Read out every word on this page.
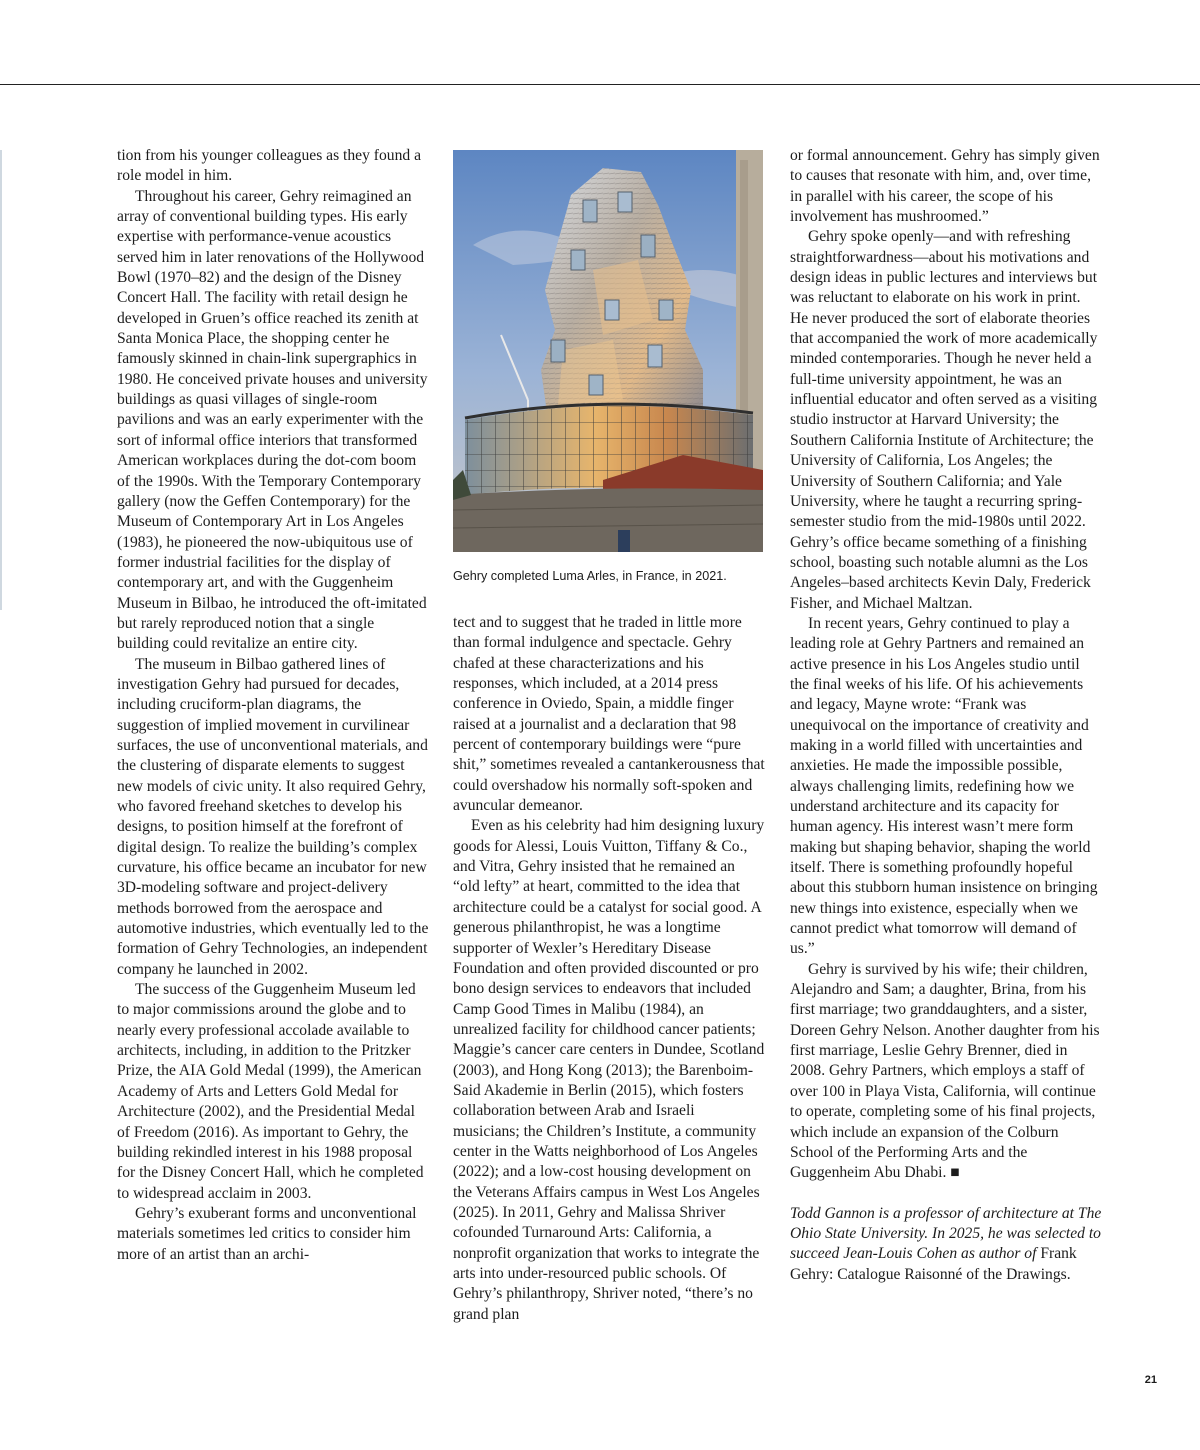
tion from his younger colleagues as they found a role model in him.

Throughout his career, Gehry reimagined an array of conventional building types. His early expertise with performance-venue acoustics served him in later renovations of the Hollywood Bowl (1970–82) and the design of the Disney Concert Hall. The facility with retail design he developed in Gruen’s office reached its zenith at Santa Monica Place, the shopping center he famously skinned in chain-link supergraphics in 1980. He conceived private houses and university buildings as quasi villages of single-room pavilions and was an early experimenter with the sort of informal office interiors that transformed American workplaces during the dot-com boom of the 1990s. With the Temporary Contemporary gallery (now the Geffen Contemporary) for the Museum of Contemporary Art in Los Angeles (1983), he pioneered the now-ubiquitous use of former industrial facilities for the display of contemporary art, and with the Guggenheim Museum in Bilbao, he introduced the oft-imitated but rarely reproduced notion that a single building could revitalize an entire city.

The museum in Bilbao gathered lines of investigation Gehry had pursued for decades, including cruciform-plan diagrams, the suggestion of implied movement in curvilinear surfaces, the use of unconventional materials, and the clustering of disparate elements to suggest new models of civic unity. It also required Gehry, who favored freehand sketches to develop his designs, to position himself at the forefront of digital design. To realize the building’s complex curvature, his office became an incubator for new 3D-modeling software and project-delivery methods borrowed from the aerospace and automotive industries, which eventually led to the formation of Gehry Technologies, an independent company he launched in 2002.

The success of the Guggenheim Museum led to major commissions around the globe and to nearly every professional accolade available to architects, including, in addition to the Pritzker Prize, the AIA Gold Medal (1999), the American Academy of Arts and Letters Gold Medal for Architecture (2002), and the Presidential Medal of Freedom (2016). As important to Gehry, the building rekindled interest in his 1988 proposal for the Disney Concert Hall, which he completed to widespread acclaim in 2003.

Gehry’s exuberant forms and unconventional materials sometimes led critics to consider him more of an artist than an archi-

Gehry completed Luma Arles, in France, in 2021.

tect and to suggest that he traded in little more than formal indulgence and spectacle. Gehry chafed at these characterizations and his responses, which included, at a 2014 press conference in Oviedo, Spain, a middle finger raised at a journalist and a declaration that 98 percent of contemporary buildings were “pure shit,” sometimes revealed a cantankerousness that could overshadow his normally soft-spoken and avuncular demeanor.

Even as his celebrity had him designing luxury goods for Alessi, Louis Vuitton, Tiffany & Co., and Vitra, Gehry insisted that he remained an “old lefty” at heart, committed to the idea that architecture could be a catalyst for social good. A generous philanthropist, he was a longtime supporter of Wexler’s Hereditary Disease Foundation and often provided discounted or pro bono design services to endeavors that included Camp Good Times in Malibu (1984), an unrealized facility for childhood cancer patients; Maggie’s cancer care centers in Dundee, Scotland (2003), and Hong Kong (2013); the Barenboim-Said Akademie in Berlin (2015), which fosters collaboration between Arab and Israeli musicians; the Children’s Institute, a community center in the Watts neighborhood of Los Angeles (2022); and a low-cost housing development on the Veterans Affairs campus in West Los Angeles (2025). In 2011, Gehry and Malissa Shriver cofounded Turnaround Arts: California, a nonprofit organization that works to integrate the arts into under-resourced public schools. Of Gehry’s philanthropy, Shriver noted, “there’s no grand plan

or formal announcement. Gehry has simply given to causes that resonate with him, and, over time, in parallel with his career, the scope of his involvement has mushroomed.”

Gehry spoke openly—and with refreshing straightforwardness—about his motivations and design ideas in public lectures and interviews but was reluctant to elaborate on his work in print. He never produced the sort of elaborate theories that accompanied the work of more academically minded contemporaries. Though he never held a full-time university appointment, he was an influential educator and often served as a visiting studio instructor at Harvard University; the Southern California Institute of Architecture; the University of California, Los Angeles; the University of Southern California; and Yale University, where he taught a recurring spring-semester studio from the mid-1980s until 2022. Gehry’s office became something of a finishing school, boasting such notable alumni as the Los Angeles–based architects Kevin Daly, Frederick Fisher, and Michael Maltzan.

In recent years, Gehry continued to play a leading role at Gehry Partners and remained an active presence in his Los Angeles studio until the final weeks of his life. Of his achievements and legacy, Mayne wrote: “Frank was unequivocal on the importance of creativity and making in a world filled with uncertainties and anxieties. He made the impossible possible, always challenging limits, redefining how we understand architecture and its capacity for human agency. His interest wasn’t mere form making but shaping behavior, shaping the world itself. There is something profoundly hopeful about this stubborn human insistence on bringing new things into existence, especially when we cannot predict what tomorrow will demand of us.”

Gehry is survived by his wife; their children, Alejandro and Sam; a daughter, Brina, from his first marriage; two granddaughters, and a sister, Doreen Gehry Nelson. Another daughter from his first marriage, Leslie Gehry Brenner, died in 2008. Gehry Partners, which employs a staff of over 100 in Playa Vista, California, will continue to operate, completing some of his final projects, which include an expansion of the Colburn School of the Performing Arts and the Guggenheim Abu Dhabi. ■

Todd Gannon is a professor of architecture at The Ohio State University. In 2025, he was selected to succeed Jean-Louis Cohen as author of Frank Gehry: Catalogue Raisonné of the Drawings.

21
